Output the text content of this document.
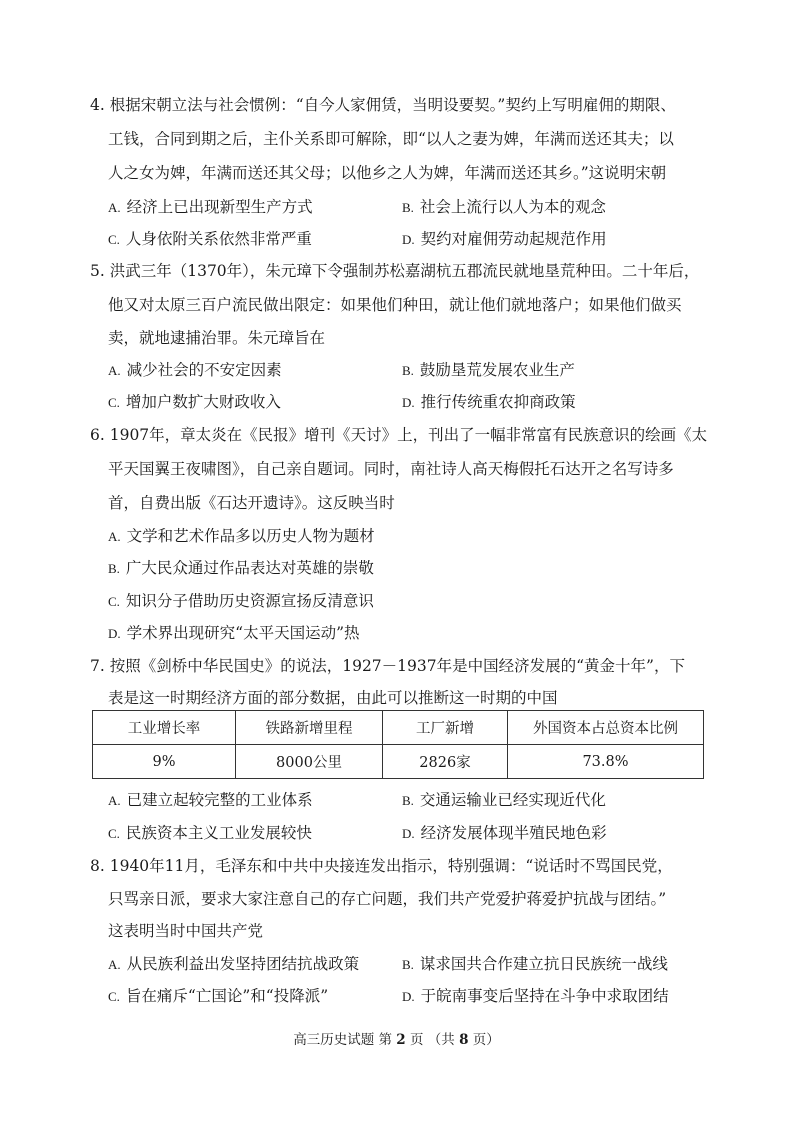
4. 根据宋朝立法与社会惯例：“自今人家佣赁，当明设要契。”契约上写明雇佣的期限、
工钱，合同到期之后，主仆关系即可解除，即“以人之妻为婢，年满而送还其夫；以
人之女为婢，年满而送还其父母；以他乡之人为婢，年满而送还其乡。”这说明宋朝
A. 经济上已出现新型生产方式	B. 社会上流行以人为本的观念
C. 人身依附关系依然非常严重	D. 契约对雇佣劳动起规范作用
5. 洪武三年（1370年），朱元璋下令强制苏松嘉湖杭五郡流民就地垦荒种田。二十年后，
他又对太原三百户流民做出限定：如果他们种田，就让他们就地落户；如果他们做买
卖，就地逮捕治罪。朱元璋旨在
A. 减少社会的不安定因素	B. 鼓励垦荒发展农业生产
C. 增加户数扩大财政收入	D. 推行传统重农抑商政策
6. 1907年，章太炎在《民报》增刊《天讨》上，刊出了一幅非常富有民族意识的绘画《太
平天国翼王夜啸图》，自己亲自题词。同时，南社诗人高天梅假托石达开之名写诗多
首，自费出版《石达开遗诗》。这反映当时
A. 文学和艺术作品多以历史人物为题材
B. 广大民众通过作品表达对英雄的崇敬
C. 知识分子借助历史资源宣扬反清意识
D. 学术界出现研究“太平天国运动”热
7. 按照《剑桥中华民国史》的说法，1927－1937年是中国经济发展的“黄金十年”，下
表是这一时期经济方面的部分数据，由此可以推断这一时期的中国
工业增长率	铁路新增里程	工厂新增	外国资本占总资本比例
9%	8000公里	2826家	73.8%
A. 已建立起较完整的工业体系	B. 交通运输业已经实现近代化
C. 民族资本主义工业发展较快	D. 经济发展体现半殖民地色彩
8. 1940年11月，毛泽东和中共中央接连发出指示，特别强调：“说话时不骂国民党，
只骂亲日派，要求大家注意自己的存亡问题，我们共产党爱护蒋爱护抗战与团结。”
这表明当时中国共产党
A. 从民族利益出发坚持团结抗战政策	B. 谋求国共合作建立抗日民族统一战线
C. 旨在痛斥“亡国论”和“投降派”	D. 于皖南事变后坚持在斗争中求取团结
高三历史试题 第 2 页 （共 8 页）
